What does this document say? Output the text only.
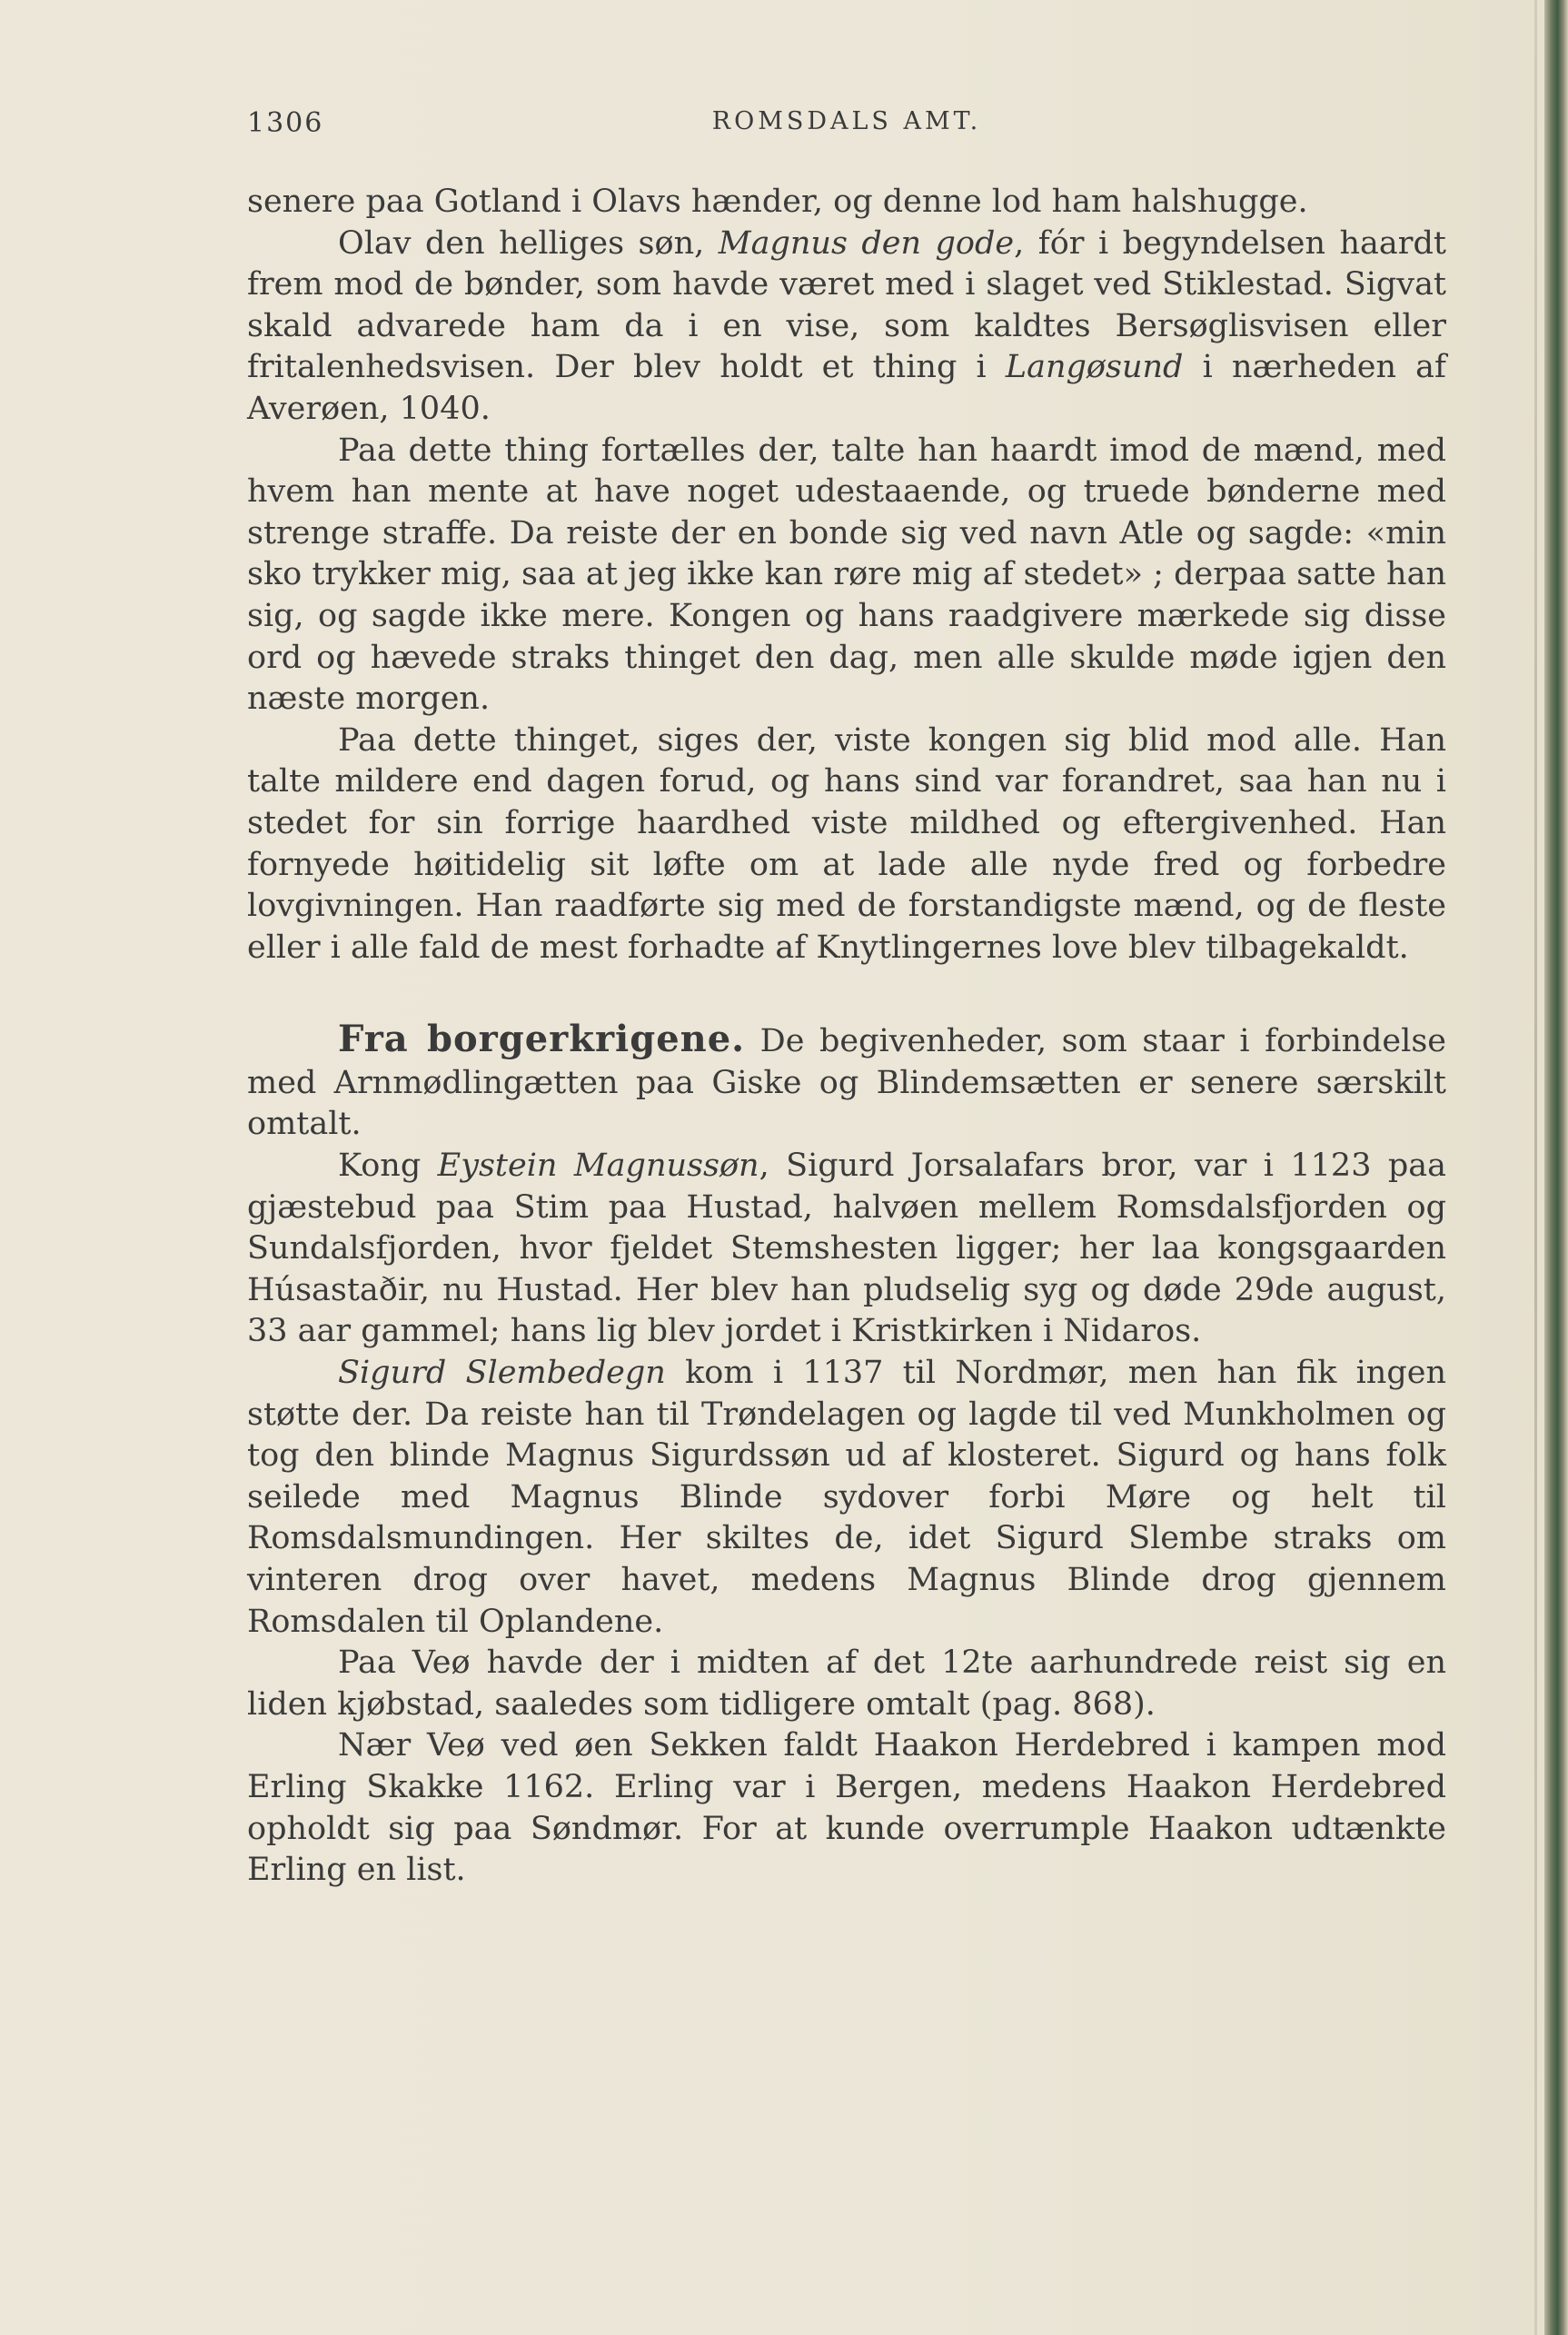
1306	ROMSDALS AMT.

senere paa Gotland i Olavs hænder, og denne lod ham halshugge.

Olav den helliges søn, Magnus den gode, fór i begyndelsen haardt frem mod de bønder, som havde været med i slaget ved Stiklestad. Sigvat skald advarede ham da i en vise, som kaldtes Bersøglisvisen eller fritalenhedsvisen. Der blev holdt et thing i Langøsund i nærheden af Averøen, 1040.

Paa dette thing fortælles der, talte han haardt imod de mænd, med hvem han mente at have noget udestaaende, og truede bønderne med strenge straffe. Da reiste der en bonde sig ved navn Atle og sagde: «min sko trykker mig, saa at jeg ikke kan røre mig af stedet» ; derpaa satte han sig, og sagde ikke mere. Kongen og hans raadgivere mærkede sig disse ord og hævede straks thinget den dag, men alle skulde møde igjen den næste morgen.

Paa dette thinget, siges der, viste kongen sig blid mod alle. Han talte mildere end dagen forud, og hans sind var forandret, saa han nu i stedet for sin forrige haardhed viste mildhed og eftergivenhed. Han fornyede høitidelig sit løfte om at lade alle nyde fred og forbedre lovgivningen. Han raadførte sig med de forstandigste mænd, og de fleste eller i alle fald de mest forhadte af Knytlingernes love blev tilbagekaldt.

Fra borgerkrigene. De begivenheder, som staar i forbindelse med Arnmødlingætten paa Giske og Blindemsætten er senere særskilt omtalt.

Kong Eystein Magnussøn, Sigurd Jorsalafars bror, var i 1123 paa gjæstebud paa Stim paa Hustad, halvøen mellem Romsdalsfjorden og Sundalsfjorden, hvor fjeldet Stemshesten ligger; her laa kongsgaarden Húsastaðir, nu Hustad. Her blev han pludselig syg og døde 29de august, 33 aar gammel; hans lig blev jordet i Kristkirken i Nidaros.

Sigurd Slembedegn kom i 1137 til Nordmør, men han fik ingen støtte der. Da reiste han til Trøndelagen og lagde til ved Munkholmen og tog den blinde Magnus Sigurdssøn ud af klosteret. Sigurd og hans folk seilede med Magnus Blinde sydover forbi Møre og helt til Romsdalsmundingen. Her skiltes de, idet Sigurd Slembe straks om vinteren drog over havet, medens Magnus Blinde drog gjennem Romsdalen til Oplandene.

Paa Veø havde der i midten af det 12te aarhundrede reist sig en liden kjøbstad, saaledes som tidligere omtalt (pag. 868).

Nær Veø ved øen Sekken faldt Haakon Herdebred i kampen mod Erling Skakke 1162. Erling var i Bergen, medens Haakon Herdebred opholdt sig paa Søndmør. For at kunde overrumple Haakon udtænkte Erling en list.
